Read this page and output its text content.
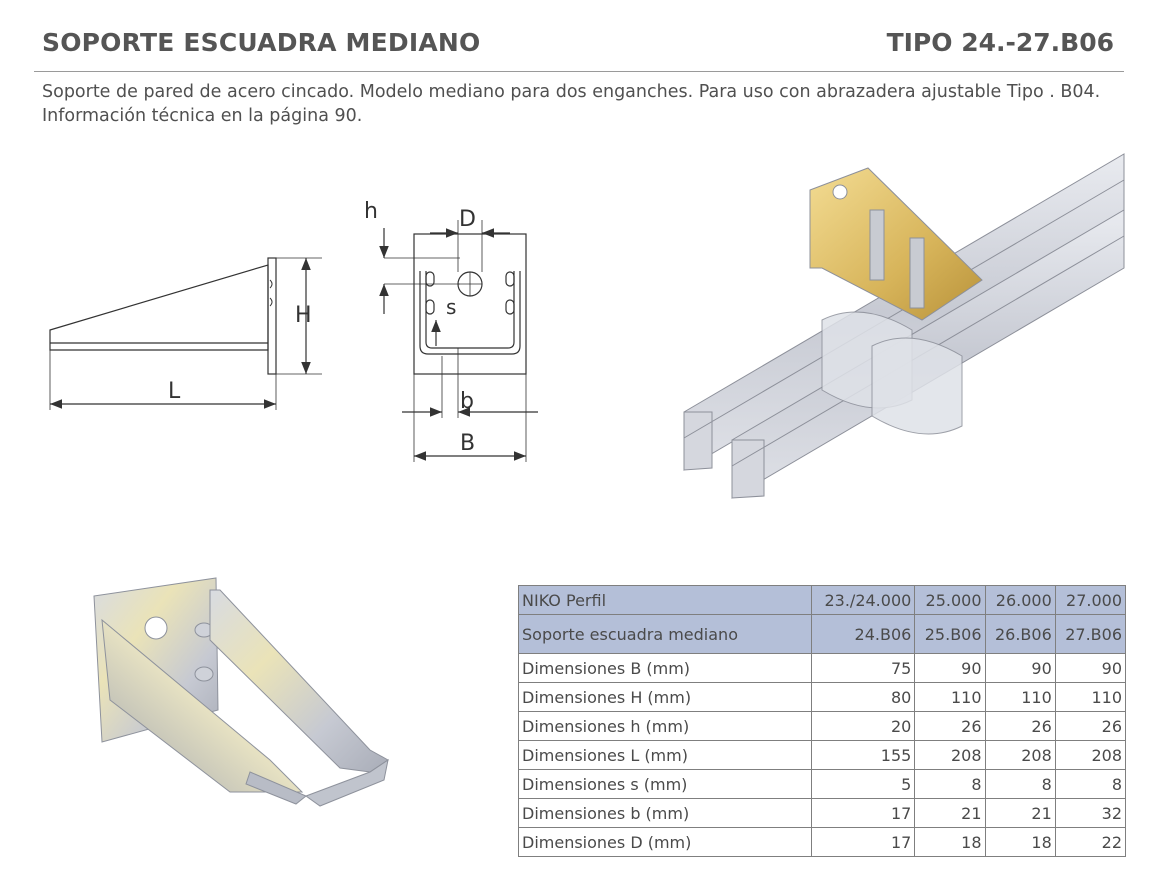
SOPORTE ESCUADRA MEDIANO	TIPO 24.-27.B06
Soporte de pared de acero cincado. Modelo mediano para dos enganches. Para uso con abrazadera ajustable Tipo . B04. Información técnica en la página 90.
H
L
h	D
s
b
B
NIKO Perfil	23./24.000	25.000	26.000	27.000
Soporte escuadra mediano	24.B06	25.B06	26.B06	27.B06
Dimensiones B (mm)	75	90	90	90
Dimensiones H (mm)	80	110	110	110
Dimensiones h (mm)	20	26	26	26
Dimensiones L (mm)	155	208	208	208
Dimensiones s (mm)	5	8	8	8
Dimensiones b (mm)	17	21	21	32
Dimensiones D (mm)	17	18	18	22
